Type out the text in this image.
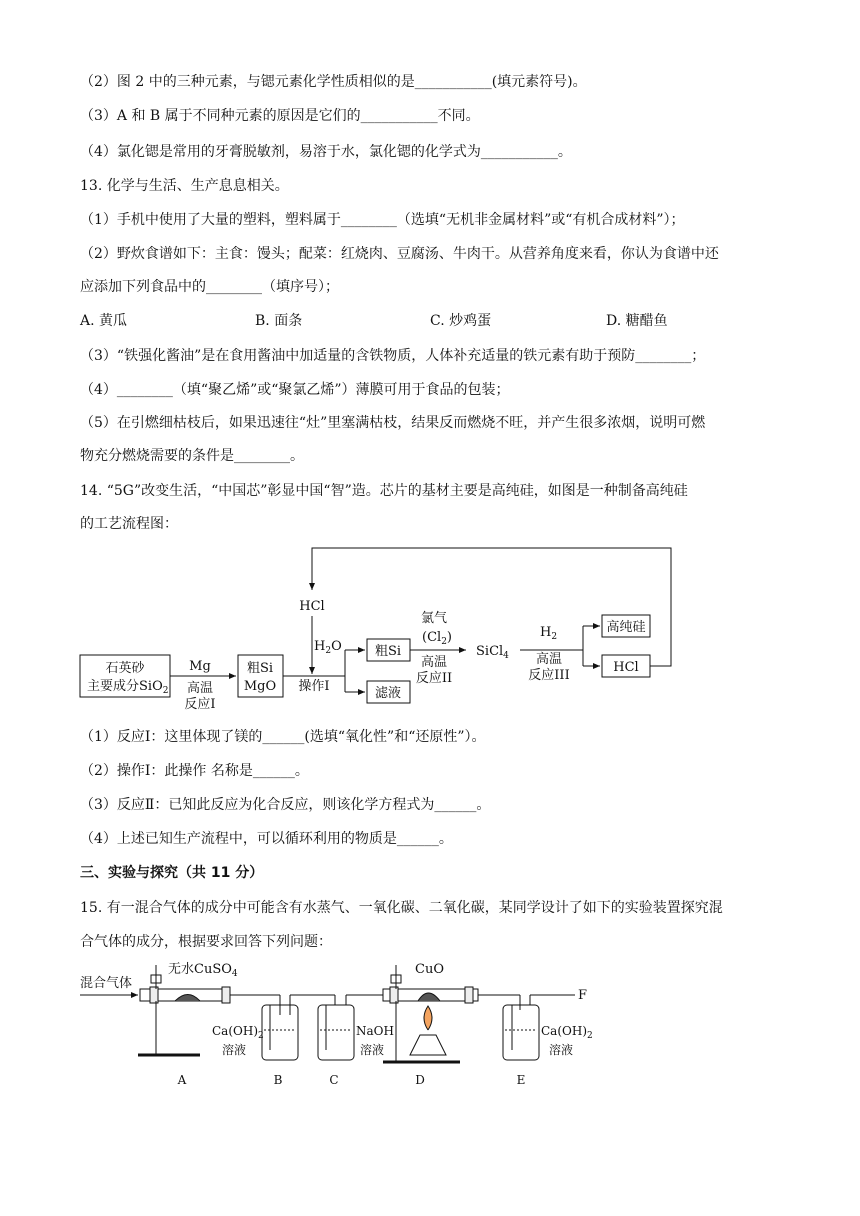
（2）图 2 中的三种元素，与锶元素化学性质相似的是___________(填元素符号)。
（3）A 和 B 属于不同种元素的原因是它们的___________不同。
（4）氯化锶是常用的牙膏脱敏剂，易溶于水，氯化锶的化学式为___________。
13. 化学与生活、生产息息相关。
（1）手机中使用了大量的塑料，塑料属于________（选填“无机非金属材料”或“有机合成材料”）；
（2）野炊食谱如下：主食：馒头；配菜：红烧肉、豆腐汤、牛肉干。从营养角度来看，你认为食谱中还
应添加下列食品中的________（填序号）；
A. 黄瓜	B. 面条	C. 炒鸡蛋	D. 糖醋鱼
（3）“铁强化酱油”是在食用酱油中加适量的含铁物质，人体补充适量的铁元素有助于预防________；
（4）________（填“聚乙烯”或“聚氯乙烯”）薄膜可用于食品的包装；
（5）在引燃细枯枝后，如果迅速往“灶”里塞满枯枝，结果反而燃烧不旺，并产生很多浓烟，说明可燃
物充分燃烧需要的条件是________。
14. “5G”改变生活，“中国芯”彰显中国“智”造。芯片的基材主要是高纯硅，如图是一种制备高纯硅
的工艺流程图：
石英砂
主要成分SiO$_2$
Mg
高温
反应I
粗Si
MgO
HCl
$H_2O$
操作I
粗Si
滤液
氯气
$(Cl_2)$
高温
反应II
SiCl$_4$
$H_2$
高温
反应III
高纯硅
HCl
（1）反应Ⅰ：这里体现了镁的______(选填“氧化性”和“还原性”）。
（2）操作Ⅰ：此操作 名称是______。
（3）反应Ⅱ：已知此反应为化合反应，则该化学方程式为______。
（4）上述已知生产流程中，可以循环利用的物质是______。
三、实验与探究（共 11 分）
15. 有一混合气体的成分中可能含有水蒸气、一氧化碳、二氧化碳，某同学设计了如下的实验装置探究混
合气体的成分，根据要求回答下列问题：
混合气体
无水CuSO$_4$	CuO
F
$Ca(OH)_2$
溶液
NaOH
溶液
$Ca(OH)_2$
溶液
A	B	C	D	E
